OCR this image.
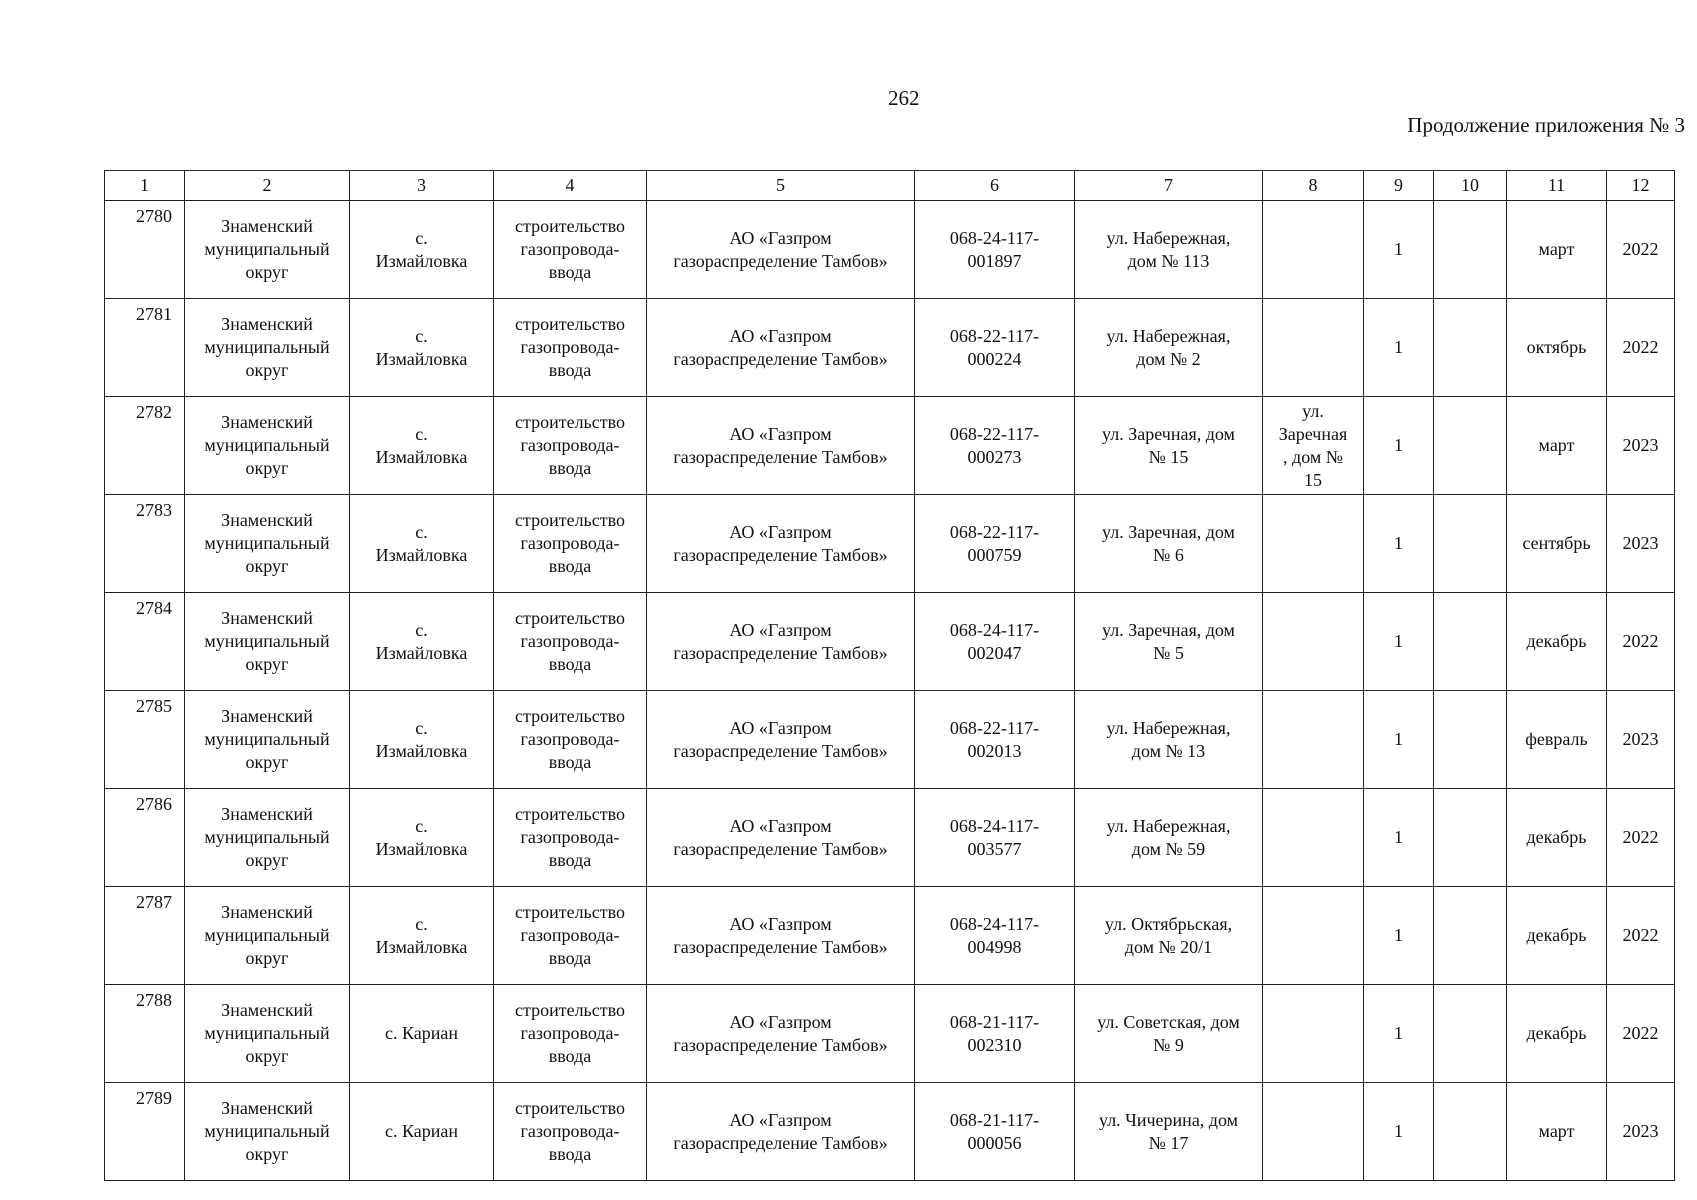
262
Продолжение приложения № 3
1	2	3	4	5	6	7	8	9	10	11	12
2780	Знаменский
муниципальный
округ	с.
Измайловка	строительство
газопровода-
ввода	АО «Газпром
газораспределение Тамбов»	068-24-117-
001897	ул. Набережная,
дом № 113		1		март	2022
2781	Знаменский
муниципальный
округ	с.
Измайловка	строительство
газопровода-
ввода	АО «Газпром
газораспределение Тамбов»	068-22-117-
000224	ул. Набережная,
дом № 2		1		октябрь	2022
2782	Знаменский
муниципальный
округ	с.
Измайловка	строительство
газопровода-
ввода	АО «Газпром
газораспределение Тамбов»	068-22-117-
000273	ул. Заречная, дом
№ 15	ул.
Заречная
, дом №
15	1		март	2023
2783	Знаменский
муниципальный
округ	с.
Измайловка	строительство
газопровода-
ввода	АО «Газпром
газораспределение Тамбов»	068-22-117-
000759	ул. Заречная, дом
№ 6		1		сентябрь	2023
2784	Знаменский
муниципальный
округ	с.
Измайловка	строительство
газопровода-
ввода	АО «Газпром
газораспределение Тамбов»	068-24-117-
002047	ул. Заречная, дом
№ 5		1		декабрь	2022
2785	Знаменский
муниципальный
округ	с.
Измайловка	строительство
газопровода-
ввода	АО «Газпром
газораспределение Тамбов»	068-22-117-
002013	ул. Набережная,
дом № 13		1		февраль	2023
2786	Знаменский
муниципальный
округ	с.
Измайловка	строительство
газопровода-
ввода	АО «Газпром
газораспределение Тамбов»	068-24-117-
003577	ул. Набережная,
дом № 59		1		декабрь	2022
2787	Знаменский
муниципальный
округ	с.
Измайловка	строительство
газопровода-
ввода	АО «Газпром
газораспределение Тамбов»	068-24-117-
004998	ул. Октябрьская,
дом № 20/1		1		декабрь	2022
2788	Знаменский
муниципальный
округ	с. Кариан	строительство
газопровода-
ввода	АО «Газпром
газораспределение Тамбов»	068-21-117-
002310	ул. Советская, дом
№ 9		1		декабрь	2022
2789	Знаменский
муниципальный
округ	с. Кариан	строительство
газопровода-
ввода	АО «Газпром
газораспределение Тамбов»	068-21-117-
000056	ул. Чичерина, дом
№ 17		1		март	2023
